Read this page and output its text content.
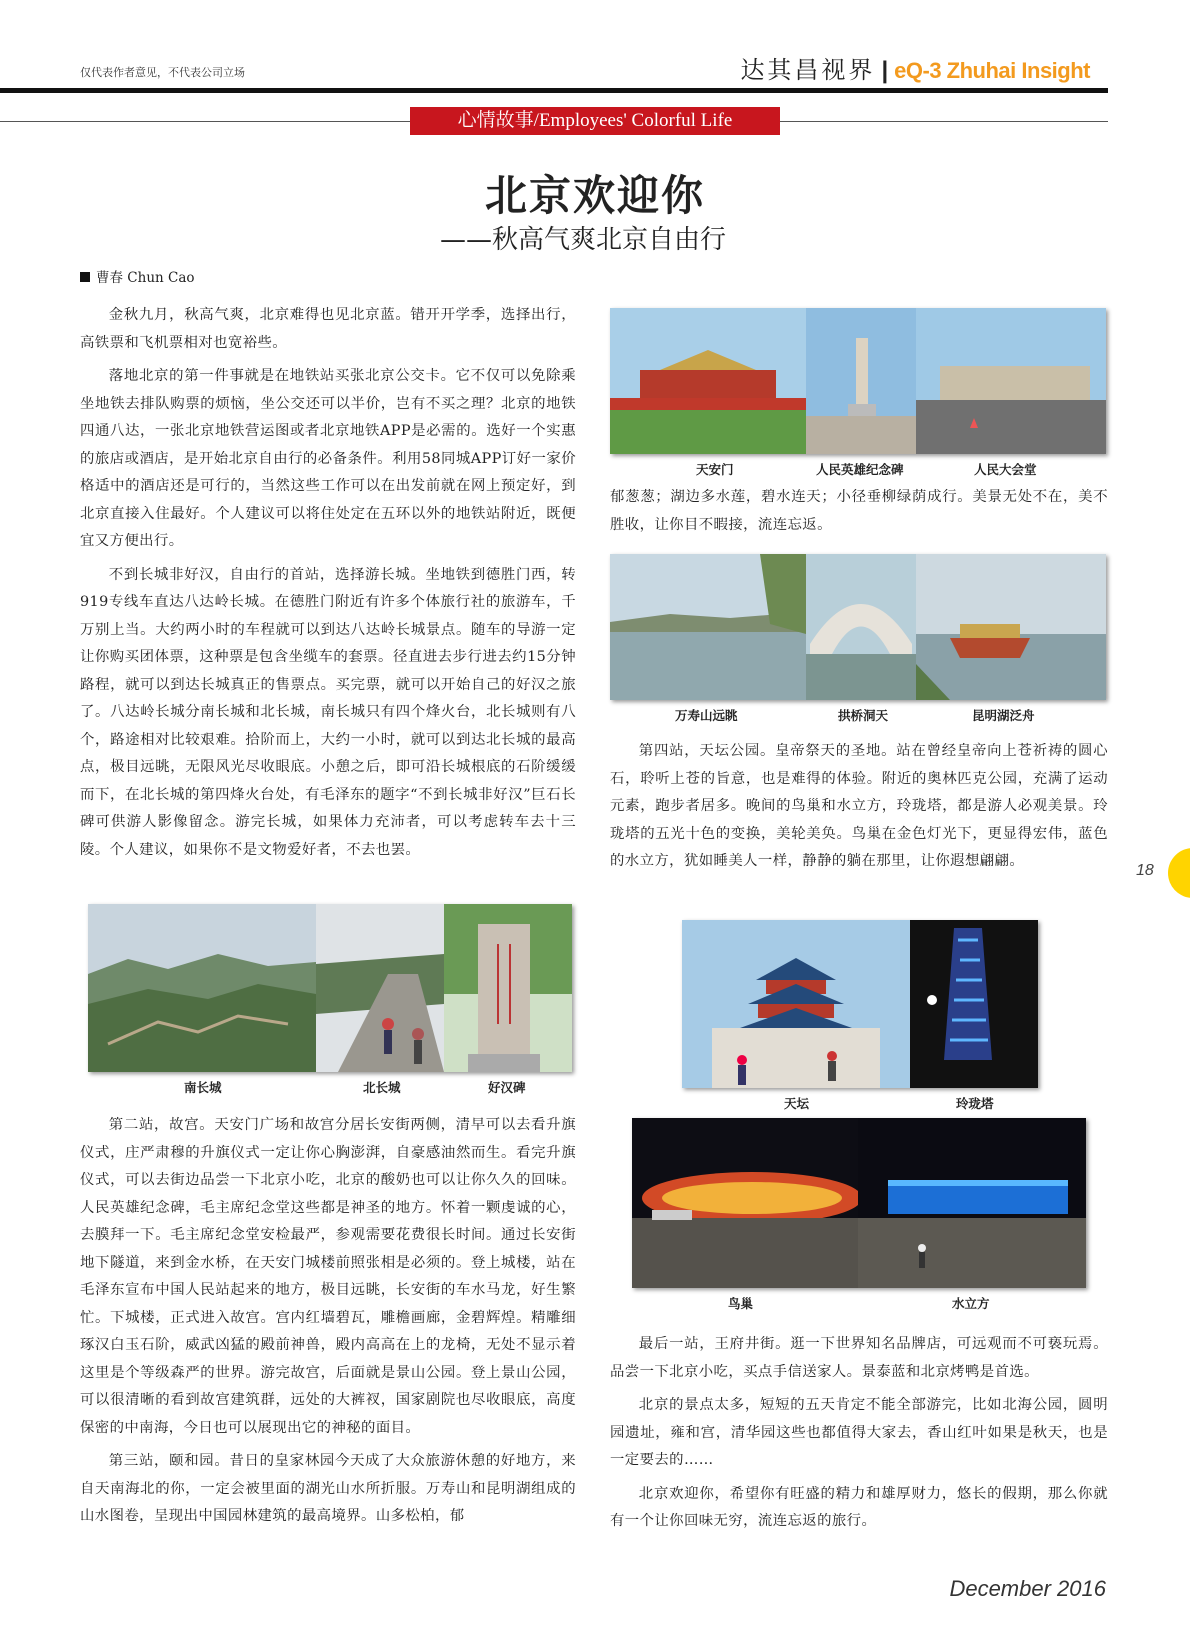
仅代表作者意见，不代表公司立场	达其昌视界 | eQ-3 Zhuhai Insight
心情故事/Employees' Colorful Life
北京欢迎你
——秋高气爽北京自由行
曹春 Chun Cao

金秋九月，秋高气爽，北京难得也见北京蓝。错开开学季，选择出行，高铁票和飞机票相对也宽裕些。

落地北京的第一件事就是在地铁站买张北京公交卡。它不仅可以免除乘坐地铁去排队购票的烦恼，坐公交还可以半价，岂有不买之理？北京的地铁四通八达，一张北京地铁营运图或者北京地铁APP是必需的。选好一个实惠的旅店或酒店，是开始北京自由行的必备条件。利用58同城APP订好一家价格适中的酒店还是可行的，当然这些工作可以在出发前就在网上预定好，到北京直接入住最好。个人建议可以将住处定在五环以外的地铁站附近，既便宜又方便出行。

不到长城非好汉，自由行的首站，选择游长城。坐地铁到德胜门西，转919专线车直达八达岭长城。在德胜门附近有许多个体旅行社的旅游车，千万别上当。大约两小时的车程就可以到达八达岭长城景点。随车的导游一定让你购买团体票，这种票是包含坐缆车的套票。径直进去步行进去约15分钟路程，就可以到达长城真正的售票点。买完票，就可以开始自己的好汉之旅了。八达岭长城分南长城和北长城，南长城只有四个烽火台，北长城则有八个，路途相对比较艰难。拾阶而上，大约一小时，就可以到达北长城的最高点，极目远眺，无限风光尽收眼底。小憩之后，即可沿长城根底的石阶缓缓而下，在北长城的第四烽火台处，有毛泽东的题字“不到长城非好汉”巨石长碑可供游人影像留念。游完长城，如果体力充沛者，可以考虑转车去十三陵。个人建议，如果你不是文物爱好者，不去也罢。

南长城	北长城	好汉碑

第二站，故宫。天安门广场和故宫分居长安街两侧，清早可以去看升旗仪式，庄严肃穆的升旗仪式一定让你心胸澎湃，自豪感油然而生。看完升旗仪式，可以去街边品尝一下北京小吃，北京的酸奶也可以让你久久的回味。人民英雄纪念碑，毛主席纪念堂这些都是神圣的地方。怀着一颗虔诚的心，去膜拜一下。毛主席纪念堂安检最严，参观需要花费很长时间。通过长安街地下隧道，来到金水桥，在天安门城楼前照张相是必须的。登上城楼，站在毛泽东宣布中国人民站起来的地方，极目远眺，长安街的车水马龙，好生繁忙。下城楼，正式进入故宫。宫内红墙碧瓦，雕檐画廊，金碧辉煌。精雕细琢汉白玉石阶，威武凶猛的殿前神兽，殿内高高在上的龙椅，无处不显示着这里是个等级森严的世界。游完故宫，后面就是景山公园。登上景山公园，可以很清晰的看到故宫建筑群，远处的大裤衩，国家剧院也尽收眼底，高度保密的中南海，今日也可以展现出它的神秘的面目。

第三站，颐和园。昔日的皇家林园今天成了大众旅游休憩的好地方，来自天南海北的你，一定会被里面的湖光山水所折服。万寿山和昆明湖组成的山水图卷，呈现出中国园林建筑的最高境界。山多松柏，郁

天安门	人民英雄纪念碑	人民大会堂

郁葱葱；湖边多水莲，碧水连天；小径垂柳绿荫成行。美景无处不在，美不胜收，让你目不暇接，流连忘返。

万寿山远眺	拱桥洞天	昆明湖泛舟

第四站，天坛公园。皇帝祭天的圣地。站在曾经皇帝向上苍祈祷的圆心石，聆听上苍的旨意，也是难得的体验。附近的奥林匹克公园，充满了运动元素，跑步者居多。晚间的鸟巢和水立方，玲珑塔，都是游人必观美景。玲珑塔的五光十色的变换，美轮美奂。鸟巢在金色灯光下，更显得宏伟，蓝色的水立方，犹如睡美人一样，静静的躺在那里，让你遐想翩翩。

天坛	玲珑塔
鸟巢	水立方

最后一站，王府井街。逛一下世界知名品牌店，可远观而不可亵玩焉。品尝一下北京小吃，买点手信送家人。景泰蓝和北京烤鸭是首选。

北京的景点太多，短短的五天肯定不能全部游完，比如北海公园，圆明园遗址，雍和宫，清华园这些也都值得大家去，香山红叶如果是秋天，也是一定要去的……

北京欢迎你，希望你有旺盛的精力和雄厚财力，悠长的假期，那么你就有一个让你回味无穷，流连忘返的旅行。

18
December 2016
